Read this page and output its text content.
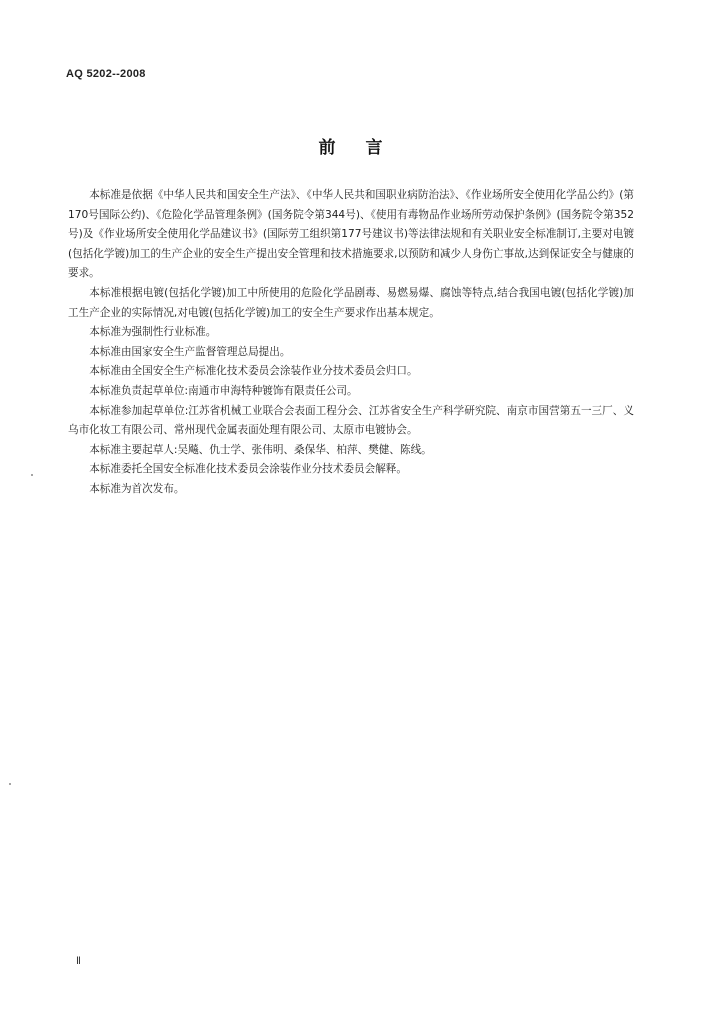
AQ 5202--2008
前言

本标准是依据《中华人民共和国安全生产法》、《中华人民共和国职业病防治法》、《作业场所安全使用化学品公约》(第170号国际公约)、《危险化学品管理条例》(国务院令第344号)、《使用有毒物品作业场所劳动保护条例》(国务院令第352号)及《作业场所安全使用化学品建议书》(国际劳工组织第177号建议书)等法律法规和有关职业安全标准制订,主要对电镀(包括化学镀)加工的生产企业的安全生产提出安全管理和技术措施要求,以预防和减少人身伤亡事故,达到保证安全与健康的要求。

本标准根据电镀(包括化学镀)加工中所使用的危险化学品剧毒、易燃易爆、腐蚀等特点,结合我国电镀(包括化学镀)加工生产企业的实际情况,对电镀(包括化学镀)加工的安全生产要求作出基本规定。

本标准为强制性行业标准。

本标准由国家安全生产监督管理总局提出。

本标准由全国安全生产标准化技术委员会涂装作业分技术委员会归口。

本标准负责起草单位:南通市申海特种镀饰有限责任公司。

本标准参加起草单位:江苏省机械工业联合会表面工程分会、江苏省安全生产科学研究院、南京市国营第五一三厂、义乌市化妆工有限公司、常州现代金属表面处理有限公司、太原市电镀协会。

本标准主要起草人:吴飚、仇士学、张伟明、桑保华、柏萍、樊健、陈线。

本标准委托全国安全标准化技术委员会涂装作业分技术委员会解释。

本标准为首次发布。

Ⅱ
